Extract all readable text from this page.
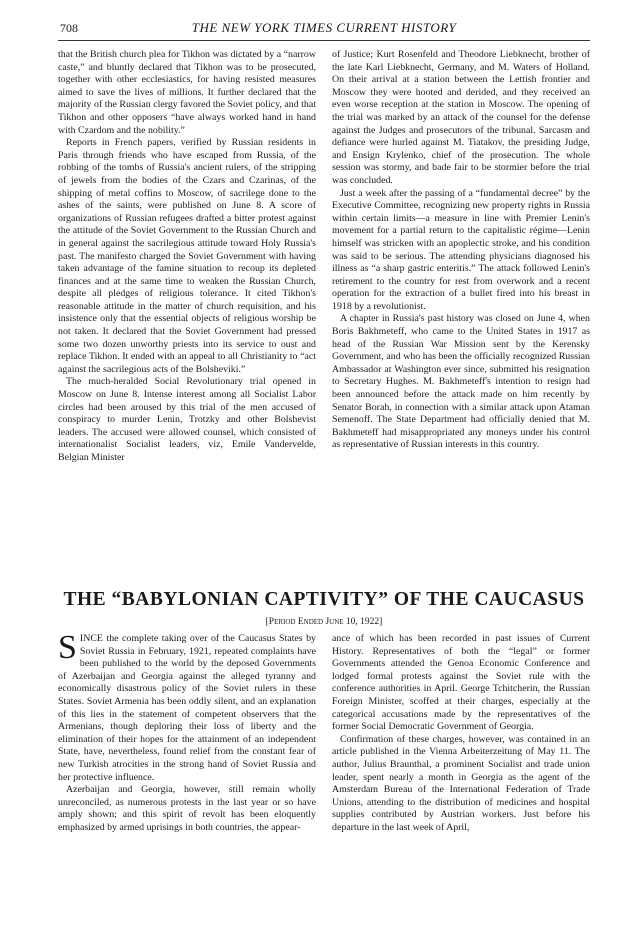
708	THE NEW YORK TIMES CURRENT HISTORY

that the British church plea for Tikhon was dictated by a “narrow caste,” and bluntly declared that Tikhon was to be prosecuted, together with other ecclesiastics, for having resisted measures aimed to save the lives of millions. It further declared that the majority of the Russian clergy favored the Soviet policy, and that Tikhon and other opposers “have always worked hand in hand with Czardom and the nobility.”

Reports in French papers, verified by Russian residents in Paris through friends who have escaped from Russia, of the robbing of the tombs of Russia's ancient rulers, of the stripping of jewels from the bodies of the Czars and Czarinas, of the shipping of metal coffins to Moscow, of sacrilege done to the ashes of the saints, were published on June 8. A score of organizations of Russian refugees drafted a bitter protest against the attitude of the Soviet Government to the Russian Church and in general against the sacrilegious attitude toward Holy Russia's past. The manifesto charged the Soviet Government with having taken advantage of the famine situation to recoup its depleted finances and at the same time to weaken the Russian Church, despite all pledges of religious tolerance. It cited Tikhon's reasonable attitude in the matter of church requisition, and his insistence only that the essential objects of religious worship be not taken. It declared that the Soviet Government had pressed some two dozen unworthy priests into its service to oust and replace Tikhon. It ended with an appeal to all Christianity to “act against the sacrilegious acts of the Bolsheviki.”

The much-heralded Social Revolutionary trial opened in Moscow on June 8. Intense interest among all Socialist Labor circles had been aroused by this trial of the men accused of conspiracy to murder Lenin, Trotzky and other Bolshevist leaders. The accused were allowed counsel, which consisted of internationalist Socialist leaders, viz, Emile Vandervelde, Belgian Minister

of Justice; Kurt Rosenfeld and Theodore Liebknecht, brother of the late Karl Liebknecht, Germany, and M. Waters of Holland. On their arrival at a station between the Lettish frontier and Moscow they were hooted and derided, and they received an even worse reception at the station in Moscow. The opening of the trial was marked by an attack of the counsel for the defense against the Judges and prosecutors of the tribunal. Sarcasm and defiance were hurled against M. Tiatakov, the presiding Judge, and Ensign Krylenko, chief of the prosecution. The whole session was stormy, and bade fair to be stormier before the trial was concluded.

Just a week after the passing of a “fundamental decree” by the Executive Committee, recognizing new property rights in Russia within certain limits—a measure in line with Premier Lenin's movement for a partial return to the capitalistic régime—Lenin himself was stricken with an apoplectic stroke, and his condition was said to be serious. The attending physicians diagnosed his illness as “a sharp gastric enteritis.” The attack followed Lenin's retirement to the country for rest from overwork and a recent operation for the extraction of a bullet fired into his breast in 1918 by a revolutionist.

A chapter in Russia's past history was closed on June 4, when Boris Bakhmeteff, who came to the United States in 1917 as head of the Russian War Mission sent by the Kerensky Government, and who has been the officially recognized Russian Ambassador at Washington ever since, submitted his resignation to Secretary Hughes. M. Bakhmeteff's intention to resign had been announced before the attack made on him recently by Senator Borah, in connection with a similar attack upon Ataman Semenoff. The State Department had officially denied that M. Bakhmeteff had misappropriated any moneys under his control as representative of Russian interests in this country.

THE “BABYLONIAN CAPTIVITY” OF THE CAUCASUS
[Period Ended June 10, 1922]

SINCE the complete taking over of the Caucasus States by Soviet Russia in February, 1921, repeated complaints have been published to the world by the deposed Governments of Azerbaijan and Georgia against the alleged tyranny and economically disastrous policy of the Soviet rulers in these States. Soviet Armenia has been oddly silent, and an explanation of this lies in the statement of competent observers that the Armenians, though deploring their loss of liberty and the elimination of their hopes for the attainment of an independent State, have, nevertheless, found relief from the constant fear of new Turkish atrocities in the strong hand of Soviet Russia and her protective influence.

Azerbaijan and Georgia, however, still remain wholly unreconciled, as numerous protests in the last year or so have amply shown; and this spirit of revolt has been eloquently emphasized by armed uprisings in both countries, the appear-

ance of which has been recorded in past issues of Current History. Representatives of both the “legal” or former Governments attended the Genoa Economic Conference and lodged formal protests against the Soviet rule with the conference authorities in April. George Tchitcherin, the Russian Foreign Minister, scoffed at their charges, especially at the categorical accusations made by the representatives of the former Social Democratic Government of Georgia.

Confirmation of these charges, however, was contained in an article published in the Vienna Arbeiterzeitung of May 11. The author, Julius Braunthal, a prominent Socialist and trade union leader, spent nearly a month in Georgia as the agent of the Amsterdam Bureau of the International Federation of Trade Unions, attending to the distribution of medicines and hospital supplies contributed by Austrian workers. Just before his departure in the last week of April,
